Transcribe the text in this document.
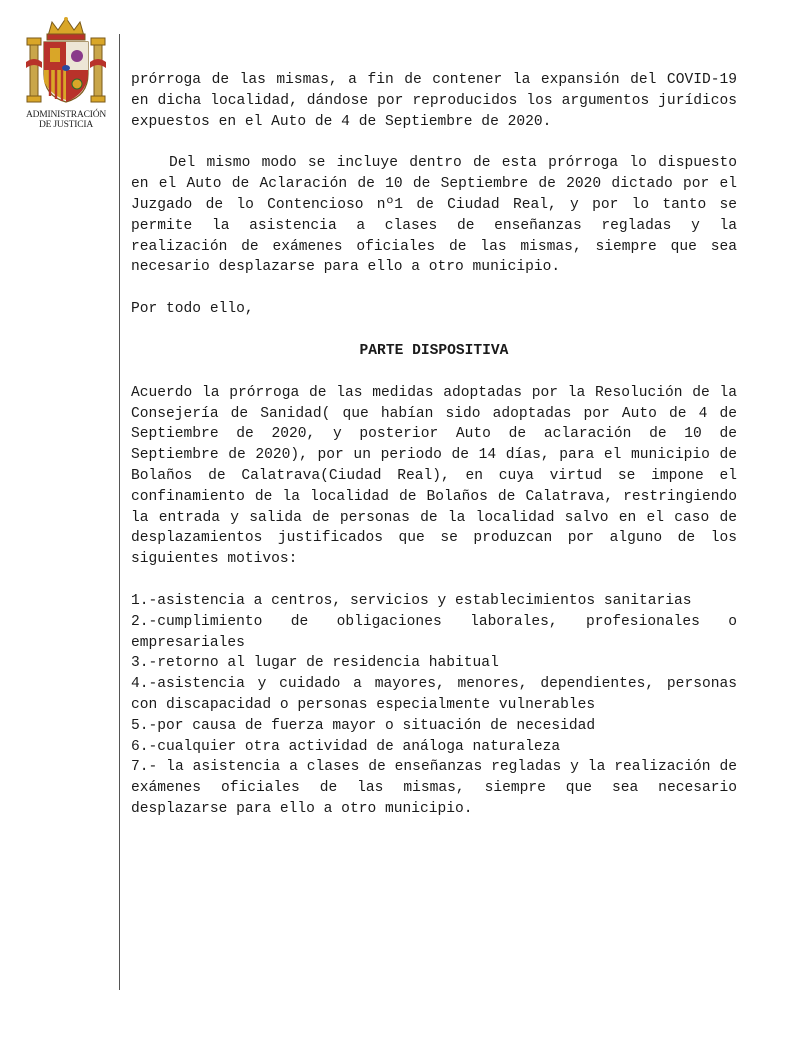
ADMINISTRACIÓN
DE JUSTICIA

prórroga de las mismas, a fin de contener la expansión del COVID-19 en dicha localidad, dándose por reproducidos los argumentos jurídicos expuestos en el Auto de 4 de Septiembre de 2020.

Del mismo modo se incluye dentro de esta prórroga lo dispuesto en el Auto de Aclaración de 10 de Septiembre de 2020 dictado por el Juzgado de lo Contencioso nº1 de Ciudad Real, y por lo tanto se permite la asistencia a clases de enseñanzas regladas y la realización de exámenes oficiales de las mismas, siempre que sea necesario desplazarse para ello a otro municipio.

Por todo ello,

PARTE DISPOSITIVA

Acuerdo la prórroga de las medidas adoptadas por la Resolución de la Consejería de Sanidad( que habían sido adoptadas por Auto de 4 de Septiembre de 2020, y posterior Auto de aclaración de 10 de Septiembre de 2020), por un periodo de 14 días, para el municipio de Bolaños de Calatrava(Ciudad Real), en cuya virtud se impone el confinamiento de la localidad de Bolaños de Calatrava, restringiendo la entrada y salida de personas de la localidad salvo en el caso de desplazamientos justificados que se produzcan por alguno de los siguientes motivos:

1.-asistencia a centros, servicios y establecimientos sanitarias

2.-cumplimiento de obligaciones laborales, profesionales o empresariales

3.-retorno al lugar de residencia habitual

4.-asistencia y cuidado a mayores, menores, dependientes, personas con discapacidad o personas especialmente vulnerables

5.-por causa de fuerza mayor o situación de necesidad

6.-cualquier otra actividad de análoga naturaleza

7.- la asistencia a clases de enseñanzas regladas y la realización de exámenes oficiales de las mismas, siempre que sea necesario desplazarse para ello a otro municipio.
